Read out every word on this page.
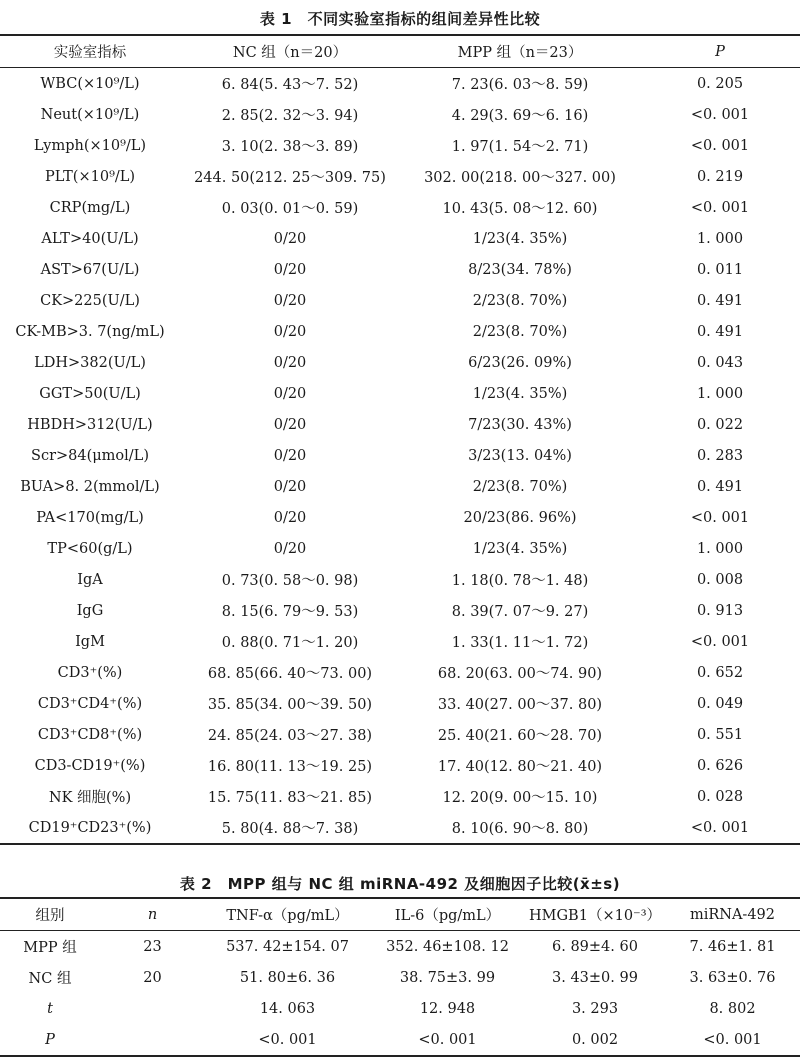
表 1　不同实验室指标的组间差异性比较
实验室指标	NC 组（n＝20）	MPP 组（n＝23）	P
WBC(×10⁹/L)	6. 84(5. 43～7. 52)	7. 23(6. 03～8. 59)	0. 205
Neut(×10⁹/L)	2. 85(2. 32～3. 94)	4. 29(3. 69～6. 16)	<0. 001
Lymph(×10⁹/L)	3. 10(2. 38～3. 89)	1. 97(1. 54～2. 71)	<0. 001
PLT(×10⁹/L)	244. 50(212. 25～309. 75)	302. 00(218. 00～327. 00)	0. 219
CRP(mg/L)	0. 03(0. 01～0. 59)	10. 43(5. 08～12. 60)	<0. 001
ALT>40(U/L)	0/20	1/23(4. 35%)	1. 000
AST>67(U/L)	0/20	8/23(34. 78%)	0. 011
CK>225(U/L)	0/20	2/23(8. 70%)	0. 491
CK-MB>3. 7(ng/mL)	0/20	2/23(8. 70%)	0. 491
LDH>382(U/L)	0/20	6/23(26. 09%)	0. 043
GGT>50(U/L)	0/20	1/23(4. 35%)	1. 000
HBDH>312(U/L)	0/20	7/23(30. 43%)	0. 022
Scr>84(μmol/L)	0/20	3/23(13. 04%)	0. 283
BUA>8. 2(mmol/L)	0/20	2/23(8. 70%)	0. 491
PA<170(mg/L)	0/20	20/23(86. 96%)	<0. 001
TP<60(g/L)	0/20	1/23(4. 35%)	1. 000
IgA	0. 73(0. 58～0. 98)	1. 18(0. 78～1. 48)	0. 008
IgG	8. 15(6. 79～9. 53)	8. 39(7. 07～9. 27)	0. 913
IgM	0. 88(0. 71～1. 20)	1. 33(1. 11～1. 72)	<0. 001
CD3⁺(%)	68. 85(66. 40～73. 00)	68. 20(63. 00～74. 90)	0. 652
CD3⁺CD4⁺(%)	35. 85(34. 00～39. 50)	33. 40(27. 00～37. 80)	0. 049
CD3⁺CD8⁺(%)	24. 85(24. 03～27. 38)	25. 40(21. 60～28. 70)	0. 551
CD3-CD19⁺(%)	16. 80(11. 13～19. 25)	17. 40(12. 80～21. 40)	0. 626
NK 细胞(%)	15. 75(11. 83～21. 85)	12. 20(9. 00～15. 10)	0. 028
CD19⁺CD23⁺(%)	5. 80(4. 88～7. 38)	8. 10(6. 90～8. 80)	<0. 001
表 2　MPP 组与 NC 组 miRNA-492 及细胞因子比较(x̄±s)
组别	n	TNF-α（pg/mL）	IL-6（pg/mL）	HMGB1（×10⁻³）	miRNA-492
MPP 组	23	537. 42±154. 07	352. 46±108. 12	6. 89±4. 60	7. 46±1. 81
NC 组	20	51. 80±6. 36	38. 75±3. 99	3. 43±0. 99	3. 63±0. 76
t		14. 063	12. 948	3. 293	8. 802
P		<0. 001	<0. 001	0. 002	<0. 001
